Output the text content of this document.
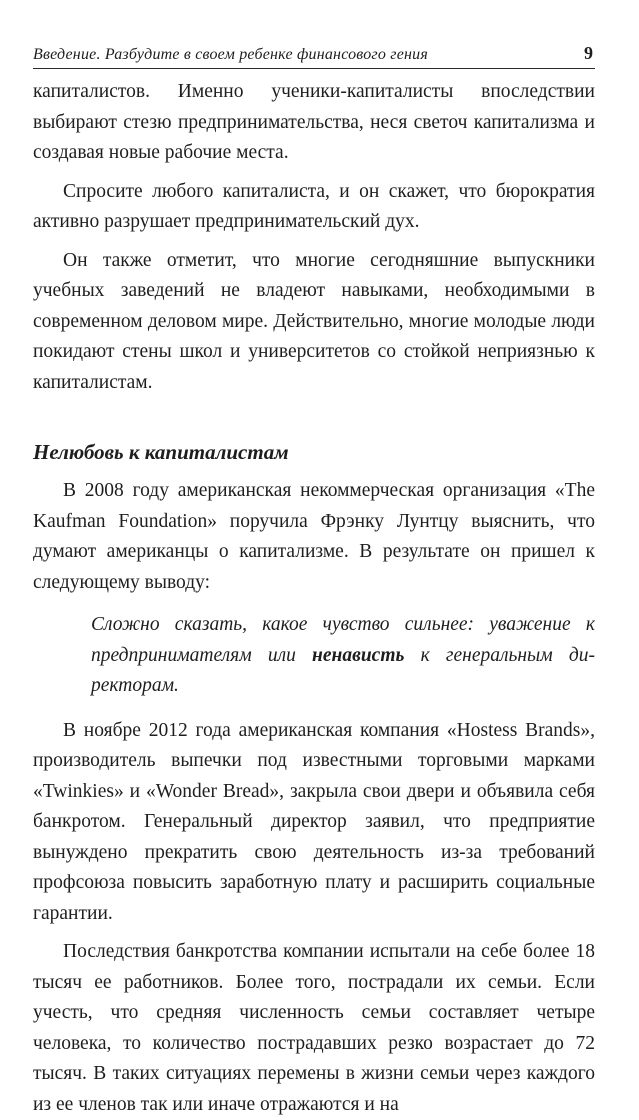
Введение. Разбудите в своем ребенке финансового гения	9

капиталистов. Именно ученики-капиталисты впоследствии выбирают стезю предпринимательства, неся светоч капитализма и создавая новые рабочие места.

Спросите любого капиталиста, и он скажет, что бюрократия активно разрушает предпринимательский дух.

Он также отметит, что многие сегодняшние выпускники учебных заведений не владеют навыками, необходимыми в современном деловом мире. Действительно, многие молодые люди покидают стены школ и университетов со стойкой неприязнью к капиталистам.

Нелюбовь к капиталистам

В 2008 году американская некоммерческая организация «The Kaufman Foundation» поручила Фрэнку Лунтцу выяснить, что думают американцы о капитализме. В результате он пришел к следующему выводу:

Сложно сказать, какое чувство сильнее: уважение к предпринимателям или ненависть к генеральным директорам.

В ноябре 2012 года американская компания «Hostess Brands», производитель выпечки под известными торговыми марками «Twinkies» и «Wonder Bread», закрыла свои двери и объявила себя банкротом. Генеральный директор заявил, что предприятие вынуждено прекратить свою деятельность из-за требований профсоюза повысить заработную плату и расширить социальные гарантии.

Последствия банкротства компании испытали на себе более 18 тысяч ее работников. Более того, пострадали их семьи. Если учесть, что средняя численность семьи составляет четыре человека, то количество пострадавших резко возрастает до 72 тысяч. В таких ситуациях перемены в жизни семьи через каждого из ее членов так или иначе отражаются и на
